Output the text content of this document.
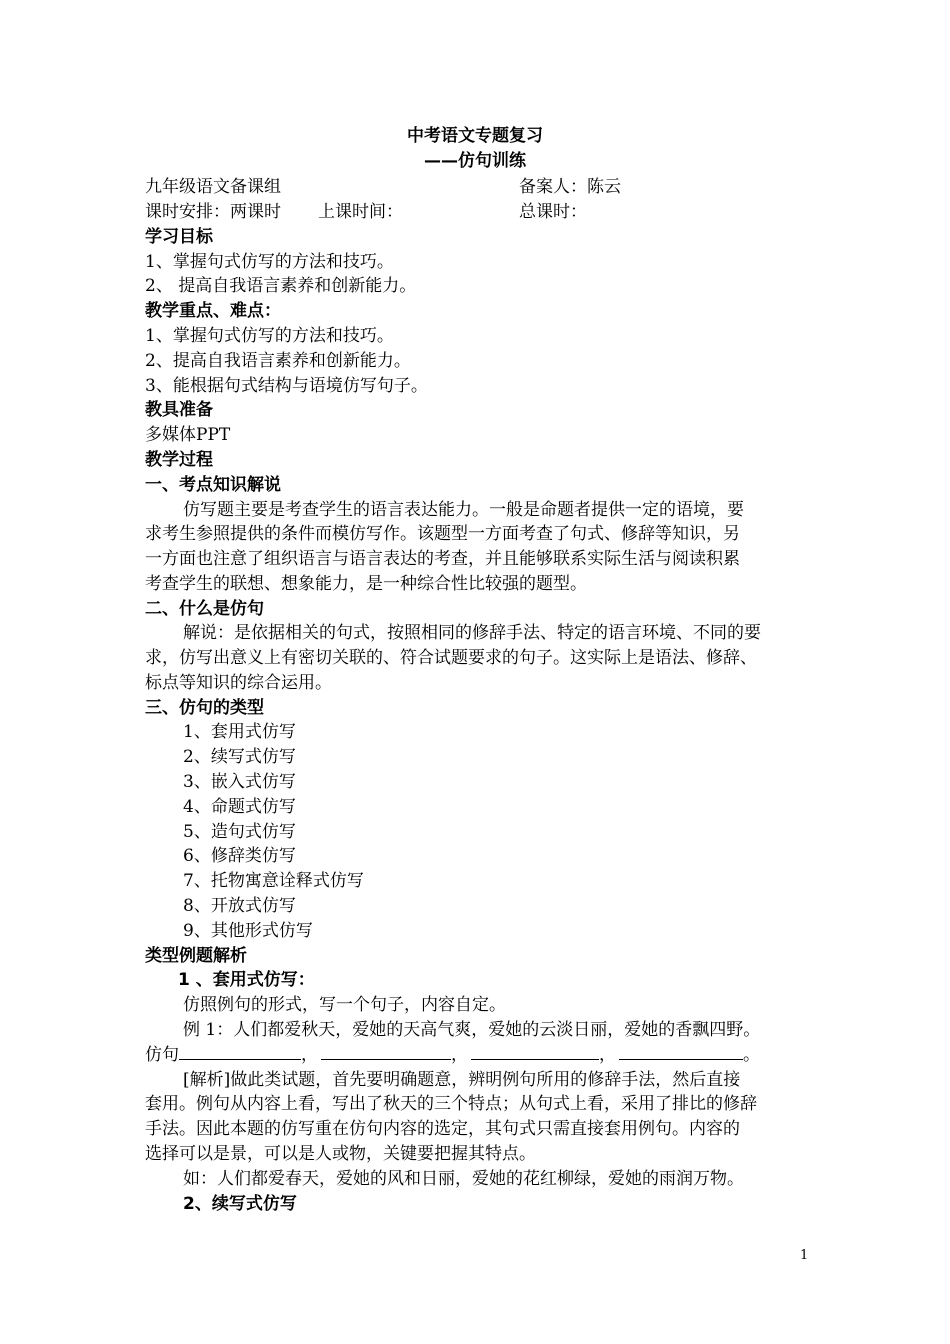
中考语文专题复习
——仿句训练
九年级语文备课组	备案人：陈云
课时安排：两课时 上课时间：	总课时：
学习目标
1、掌握句式仿写的方法和技巧。
2、 提高自我语言素养和创新能力。
教学重点、难点：
1、掌握句式仿写的方法和技巧。
2、提高自我语言素养和创新能力。
3、能根据句式结构与语境仿写句子。
教具准备
多媒体PPT
教学过程
一、考点知识解说
仿写题主要是考查学生的语言表达能力。一般是命题者提供一定的语境，要
求考生参照提供的条件而模仿写作。该题型一方面考查了句式、修辞等知识，另
一方面也注意了组织语言与语言表达的考查，并且能够联系实际生活与阅读积累
考查学生的联想、想象能力，是一种综合性比较强的题型。
二、什么是仿句
解说：是依据相关的句式，按照相同的修辞手法、特定的语言环境、不同的要
求，仿写出意义上有密切关联的、符合试题要求的句子。这实际上是语法、修辞、
标点等知识的综合运用。
三、仿句的类型
1、套用式仿写
2、续写式仿写
3、嵌入式仿写
4、命题式仿写
5、造句式仿写
6、修辞类仿写
7、托物寓意诠释式仿写
8、开放式仿写
9、其他形式仿写
类型例题解析
1 、套用式仿写：
仿照例句的形式，写一个句子，内容自定。
例 1：人们都爱秋天，爱她的天高气爽，爱她的云淡日丽，爱她的香飘四野。
仿句	，	，	，	。
[解析]做此类试题，首先要明确题意，辨明例句所用的修辞手法，然后直接
套用。例句从内容上看，写出了秋天的三个特点；从句式上看，采用了排比的修辞
手法。因此本题的仿写重在仿句内容的选定，其句式只需直接套用例句。内容的
选择可以是景，可以是人或物，关键要把握其特点。
如：人们都爱春天，爱她的风和日丽，爱她的花红柳绿，爱她的雨润万物。
2、续写式仿写
1
